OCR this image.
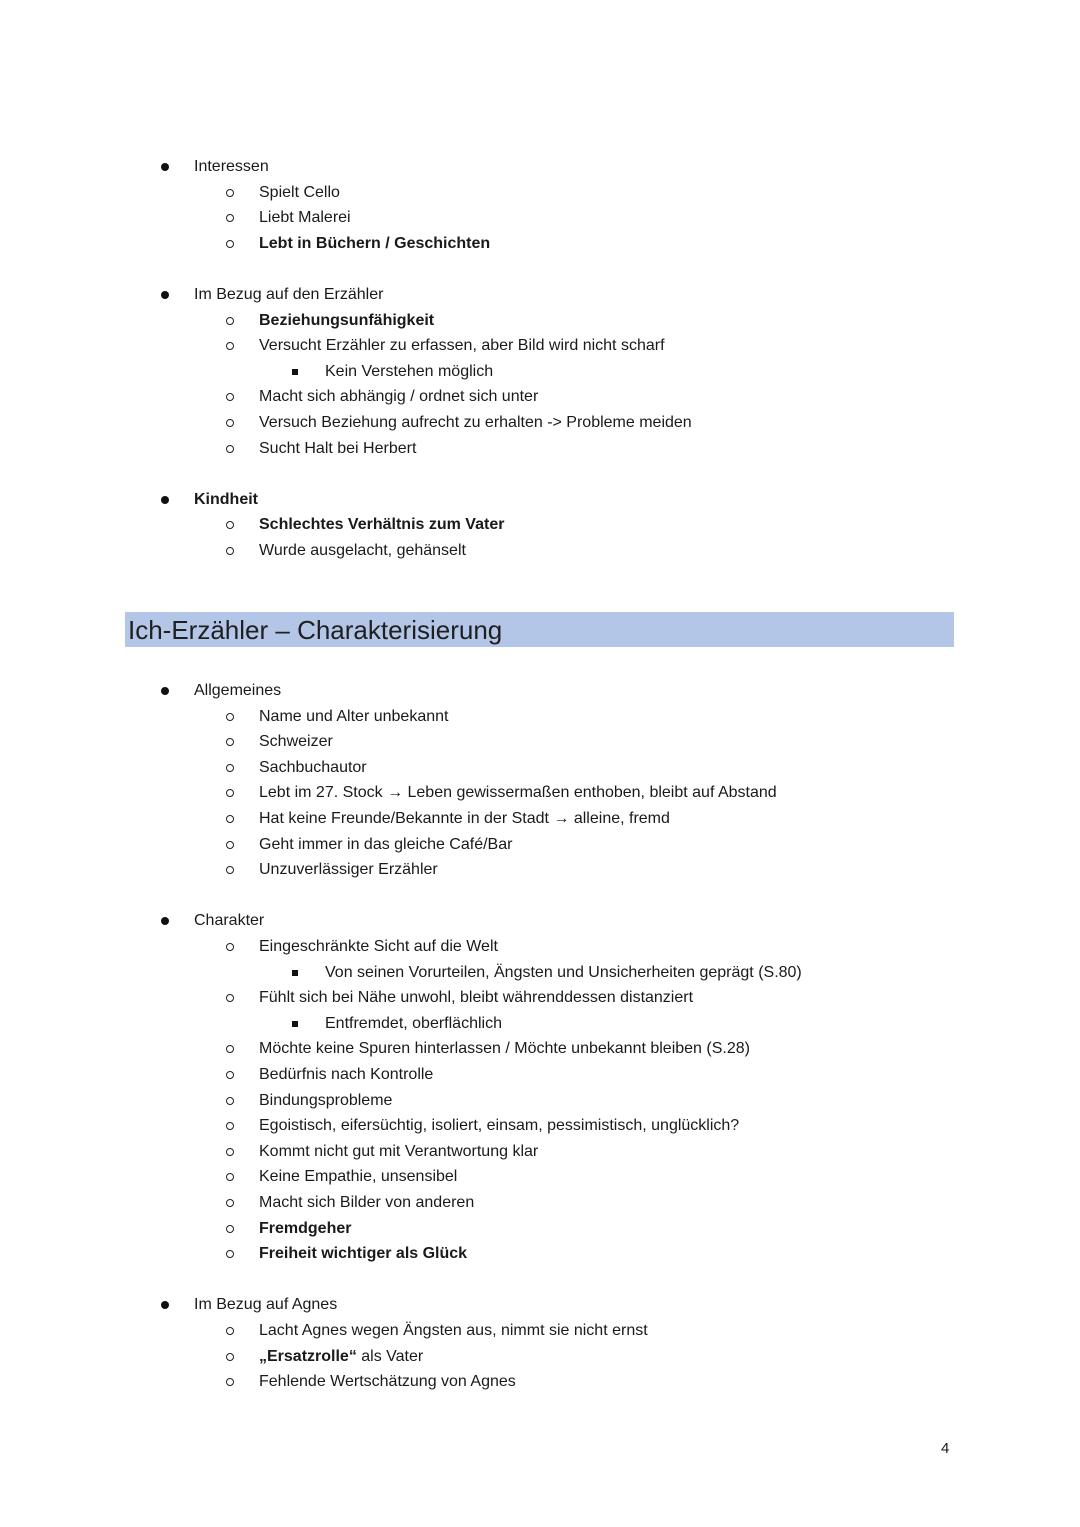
Interessen
Spielt Cello
Liebt Malerei
Lebt in Büchern / Geschichten
Im Bezug auf den Erzähler
Beziehungsunfähigkeit
Versucht Erzähler zu erfassen, aber Bild wird nicht scharf
Kein Verstehen möglich
Macht sich abhängig / ordnet sich unter
Versuch Beziehung aufrecht zu erhalten -> Probleme meiden
Sucht Halt bei Herbert
Kindheit
Schlechtes Verhältnis zum Vater
Wurde ausgelacht, gehänselt
Ich-Erzähler – Charakterisierung
Allgemeines
Name und Alter unbekannt
Schweizer
Sachbuchautor
Lebt im 27. Stock → Leben gewissermaßen enthoben, bleibt auf Abstand
Hat keine Freunde/Bekannte in der Stadt → alleine, fremd
Geht immer in das gleiche Café/Bar
Unzuverlässiger Erzähler
Charakter
Eingeschränkte Sicht auf die Welt
Von seinen Vorurteilen, Ängsten und Unsicherheiten geprägt (S.80)
Fühlt sich bei Nähe unwohl, bleibt währenddessen distanziert
Entfremdet, oberflächlich
Möchte keine Spuren hinterlassen / Möchte unbekannt bleiben (S.28)
Bedürfnis nach Kontrolle
Bindungsprobleme
Egoistisch, eifersüchtig, isoliert, einsam, pessimistisch, unglücklich?
Kommt nicht gut mit Verantwortung klar
Keine Empathie, unsensibel
Macht sich Bilder von anderen
Fremdgeher
Freiheit wichtiger als Glück
Im Bezug auf Agnes
Lacht Agnes wegen Ängsten aus, nimmt sie nicht ernst
„Ersatzrolle“ als Vater
Fehlende Wertschätzung von Agnes
4
